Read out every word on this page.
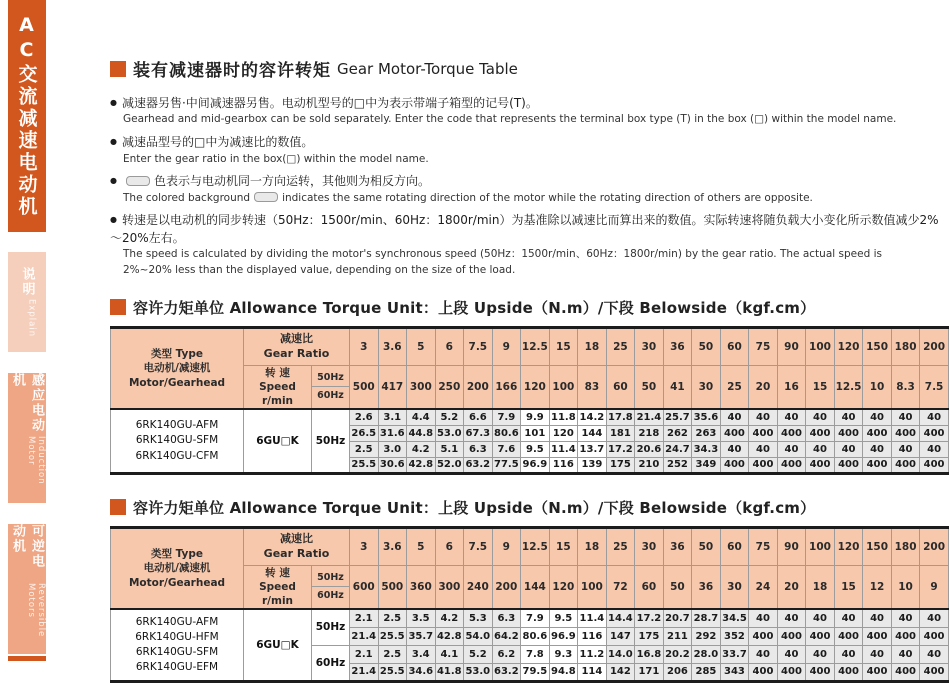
AC交流减速电动机
说明
Explain
感应电动机
Induction Motor
可逆电动机
Reversible Motors
装有减速器时的容许转矩 Gear Motor-Torque Table
● 减速器另售·中间减速器另售。电动机型号的□中为表示带端子箱型的记号(T)。
Gearhead and mid-gearbox can be sold separately. Enter the code that represents the terminal box type (T) in the box (□) within the model name.
● 减速品型号的□中为减速比的数值。
Enter the gear ratio in the box(□) within the model name.
●	色表示与电动机同一方向运转，其他则为相反方向。
The colored background	indicates the same rotating direction of the motor while the rotating direction of others are opposite.
● 转速是以电动机的同步转速（50Hz：1500r/min、60Hz：1800r/min）为基准除以减速比而算出来的数值。实际转速将随负载大小变化所示数值减少2%～20%左右。
The speed is calculated by dividing the motor's synchronous speed (50Hz：1500r/min、60Hz：1800r/min) by the gear ratio. The actual speed is 2%~20% less than the displayed value, depending on the size of the load.
容许力矩单位 Allowance Torque Unit：上段 Upside（N.m）/下段 Belowside（kgf.cm）
类型 Type
电动机/减速机
Motor/Gearhead

减速比
Gear Ratio	3	3.6	5	6	7.5	9	12.5	15	18	25	30	36	50	60	75	90	100	120	150	180	200

转 速
Speed r/min

50Hz
60Hz
	500	417	300	250	200	166	120	100	83	60	50	41	30	25	20	16	15	12.5	10	8.3	7.5

6RK140GU-AFM
6RK140GU-SFM
6RK140GU-CFM	6GU□K	50Hz	2.6	3.1	4.4	5.2	6.6	7.9	9.9	11.8	14.2	17.8	21.4	25.7	35.6	40	40	40	40	40	40	40	40
			26.5	31.6	44.8	53.0	67.3	80.6	101	120	144	181	218	262	263	400	400	400	400	400	400	400	400
			2.5	3.0	4.2	5.1	6.3	7.6	9.5	11.4	13.7	17.2	20.6	24.7	34.3	40	40	40	40	40	40	40	40
			25.5	30.6	42.8	52.0	63.2	77.5	96.9	116	139	175	210	252	349	400	400	400	400	400	400	400	400
容许力矩单位 Allowance Torque Unit：上段 Upside（N.m）/下段 Belowside（kgf.cm）
类型 Type
电动机/减速机
Motor/Gearhead

减速比
Gear Ratio	3	3.6	5	6	7.5	9	12.5	15	18	25	30	36	50	60	75	90	100	120	150	180	200

转 速
Speed r/min

50Hz
60Hz
	600	500	360	300	240	200	144	120	100	72	60	50	36	30	24	20	18	15	12	10	9

6RK140GU-AFM
6RK140GU-HFM
6RK140GU-SFM
6RK140GU-EFM	6GU□K	50Hz	2.1	2.5	3.5	4.2	5.3	6.3	7.9	9.5	11.4	14.4	17.2	20.7	28.7	34.5	40	40	40	40	40	40	40
			21.4	25.5	35.7	42.8	54.0	64.2	80.6	96.9	116	147	175	211	292	352	400	400	400	400	400	400	400
		60Hz	2.1	2.5	3.4	4.1	5.2	6.2	7.8	9.3	11.2	14.0	16.8	20.2	28.0	33.7	40	40	40	40	40	40	40
			21.4	25.5	34.6	41.8	53.0	63.2	79.5	94.8	114	142	171	206	285	343	400	400	400	400	400	400	400
